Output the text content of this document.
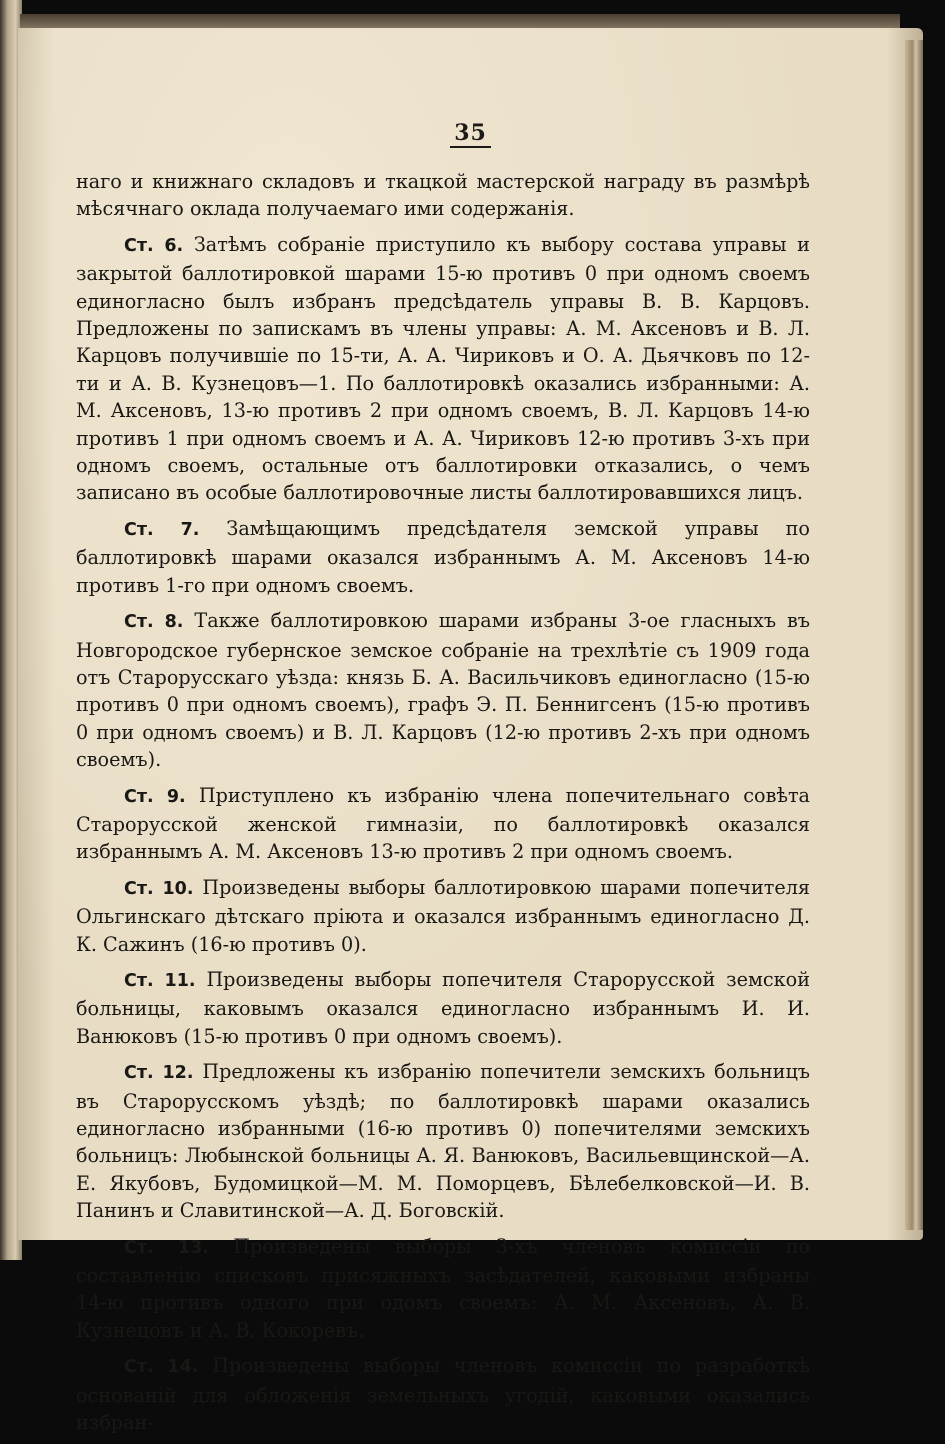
35

наго и книжнаго складовъ и ткацкой мастерской награду въ размѣрѣ мѣсячнаго оклада получаемаго ими содержанія.

Ст. 6. Затѣмъ собраніе приступило къ выбору состава управы и закрытой баллотировкой шарами 15-ю противъ 0 при одномъ своемъ единогласно былъ избранъ предсѣдатель управы В. В. Карцовъ. Предложены по запискамъ въ члены управы: А. М. Аксеновъ и В. Л. Карцовъ получившіе по 15-ти, А. А. Чириковъ и О. А. Дьячковъ по 12-ти и А. В. Кузнецовъ—1. По баллотировкѣ оказались избранными: А. М. Аксеновъ, 13-ю противъ 2 при одномъ своемъ, В. Л. Карцовъ 14-ю противъ 1 при одномъ своемъ и А. А. Чириковъ 12-ю противъ 3-хъ при одномъ своемъ, остальные отъ баллотировки отказались, о чемъ записано въ особые баллотировочные листы баллотировавшихся лицъ.

Ст. 7. Замѣщающимъ предсѣдателя земской управы по баллотировкѣ шарами оказался избраннымъ А. М. Аксеновъ 14-ю противъ 1-го при одномъ своемъ.

Ст. 8. Также баллотировкою шарами избраны 3-ое гласныхъ въ Новгородское губернское земское собраніе на трехлѣтіе съ 1909 года отъ Старорусскаго уѣзда: князь Б. А. Васильчиковъ единогласно (15-ю противъ 0 при одномъ своемъ), графъ Э. П. Беннигсенъ (15-ю противъ 0 при одномъ своемъ) и В. Л. Карцовъ (12-ю противъ 2-хъ при одномъ своемъ).

Ст. 9. Приступлено къ избранію члена попечительнаго совѣта Старорусской женской гимназіи, по баллотировкѣ оказался избраннымъ А. М. Аксеновъ 13-ю противъ 2 при одномъ своемъ.

Ст. 10. Произведены выборы баллотировкою шарами попечителя Ольгинскаго дѣтскаго пріюта и оказался избраннымъ единогласно Д. К. Сажинъ (16-ю противъ 0).

Ст. 11. Произведены выборы попечителя Старорусской земской больницы, каковымъ оказался единогласно избраннымъ И. И. Ванюковъ (15-ю противъ 0 при одномъ своемъ).

Ст. 12. Предложены къ избранію попечители земскихъ больницъ въ Старорусскомъ уѣздѣ; по баллотировкѣ шарами оказались единогласно избранными (16-ю противъ 0) попечителями земскихъ больницъ: Любынской больницы А. Я. Ванюковъ, Васильевщинской—А. Е. Якубовъ, Будомицкой—М. М. Поморцевъ, Бѣлебелковской—И. В. Панинъ и Славитинской—А. Д. Боговскій.

Ст. 13. Произведены выборы 3-хъ членовъ комиссіи по составленію списковъ присяжныхъ засѣдателей, каковыми избраны 14-ю противъ одного при одомъ своемъ: А. М. Аксеновъ, А. В. Кузнецовъ и А. В. Кокоревъ.

Ст. 14. Произведены выборы членовъ комиссіи по разработкѣ основаній для обложенія земельныхъ угодій, каковыми оказались избран-
